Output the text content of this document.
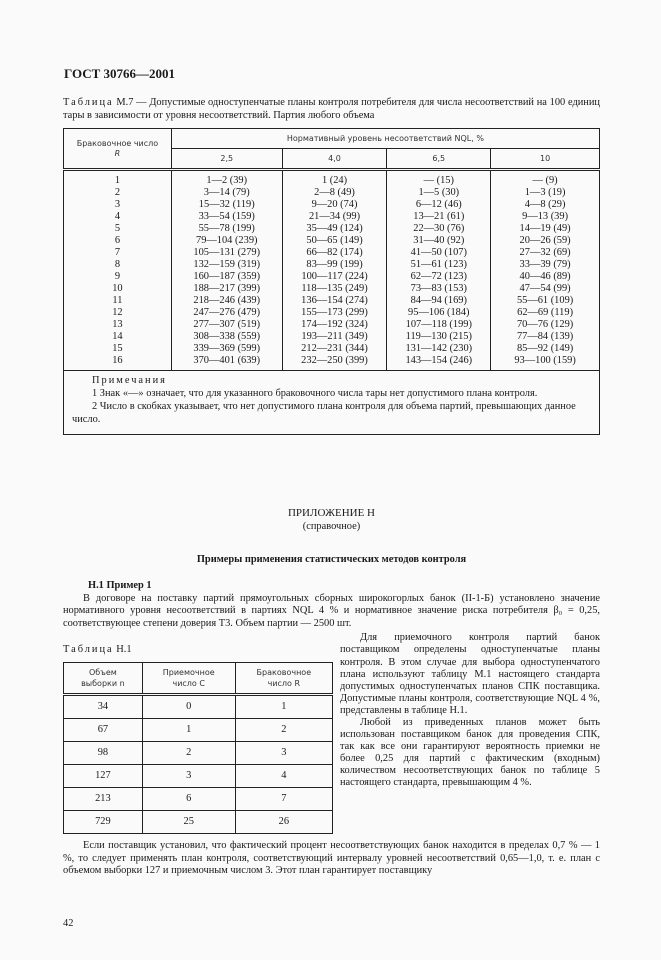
ГОСТ 30766—2001
Таблица М.7 — Допустимые одноступенчатые планы контроля потребителя для числа несоответствий на 100 единиц тары в зависимости от уровня несоответствий. Партия любого объема
Браковочное число
R	Нормативный уровень несоответствий NQL, %			
	2,5	4,0	6,5	10
1	1—2 (39)	1 (24)	— (15)	— (9)
2	3—14 (79)	2—8 (49)	1—5 (30)	1—3 (19)
3	15—32 (119)	9—20 (74)	6—12 (46)	4—8 (29)
4	33—54 (159)	21—34 (99)	13—21 (61)	9—13 (39)
5	55—78 (199)	35—49 (124)	22—30 (76)	14—19 (49)
6	79—104 (239)	50—65 (149)	31—40 (92)	20—26 (59)
7	105—131 (279)	66—82 (174)	41—50 (107)	27—32 (69)
8	132—159 (319)	83—99 (199)	51—61 (123)	33—39 (79)
9	160—187 (359)	100—117 (224)	62—72 (123)	40—46 (89)
10	188—217 (399)	118—135 (249)	73—83 (153)	47—54 (99)
11	218—246 (439)	136—154 (274)	84—94 (169)	55—61 (109)
12	247—276 (479)	155—173 (299)	95—106 (184)	62—69 (119)
13	277—307 (519)	174—192 (324)	107—118 (199)	70—76 (129)
14	308—338 (559)	193—211 (349)	119—130 (215)	77—84 (139)
15	339—369 (599)	212—231 (344)	131—142 (230)	85—92 (149)
16	370—401 (639)	232—250 (399)	143—154 (246)	93—100 (159)

Примечания

1 Знак «—» означает, что для указанного браковочного числа тары нет допустимого плана контроля.

2 Число в скобках указывает, что нет допустимого плана контроля для объема партий, превышающих данное число.				

ПРИЛОЖЕНИЕ Н
(справочное)
Примеры применения статистических методов контроля
Н.1 Пример 1

В договоре на поставку партий прямоугольных сборных широкогорлых банок (II-1-Б) установлено значение нормативного уровня несоответствий в партиях NQL 4 % и нормативное значение риска потребителя β₀ = 0,25, соответствующее степени доверия Т3. Объем партии — 2500 шт.

Таблица Н.1
Объем
выборки n	Приемочное
число C	Браковочное
число R
34	0	1
67	1	2
98	2	3
127	3	4
213	6	7
729	25	26

Для приемочного контроля партий банок поставщиком определены одноступенчатые планы контроля. В этом случае для выбора одноступенчатого плана используют таблицу М.1 настоящего стандарта допустимых одноступенчатых планов СПК поставщика. Допустимые планы контроля, соответствующие NQL 4 %, представлены в таблице Н.1.

Любой из приведенных планов может быть использован поставщиком банок для проведения СПК, так как все они гарантируют вероятность приемки не более 0,25 для партий с фактическим (входным) количеством несоответствующих банок по таблице 5 настоящего стандарта, превышающим 4 %.

Если поставщик установил, что фактический процент несоответствующих банок находится в пределах 0,7 % — 1 %, то следует применять план контроля, соответствующий интервалу уровней несоответствий 0,65—1,0, т. е. план с объемом выборки 127 и приемочным числом 3. Этот план гарантирует поставщику

42
